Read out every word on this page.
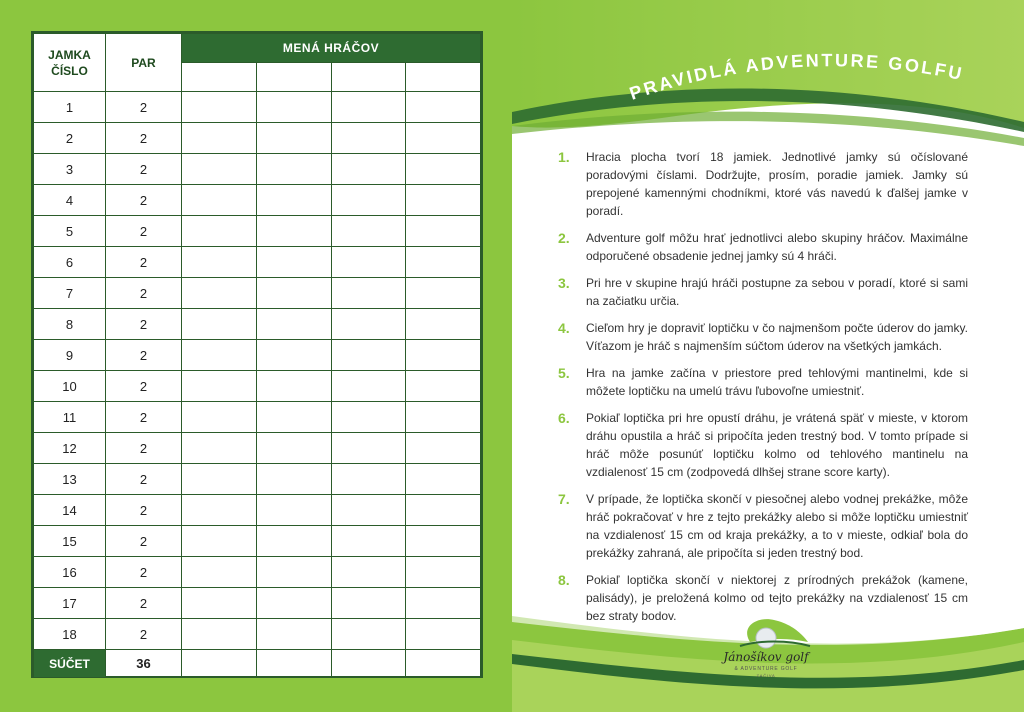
JAMKA
ČÍSLO	PAR	MENÁ HRÁČOV			

1	2				
2	2				
3	2				
4	2				
5	2				
6	2				
7	2				
8	2				
9	2				
10	2				
11	2				
12	2				
13	2				
14	2				
15	2				
16	2				
17	2				
18	2				
SÚČET	36				
PRAVIDLÁ ADVENTURE GOLFU
1.	Hracia plocha tvorí 18 jamiek. Jednotlivé jamky sú očíslované poradovými číslami. Dodržujte, prosím, poradie jamiek. Jamky sú prepojené kamennými chodníkmi, ktoré vás navedú k ďalšej jamke v poradí.
2.	Adventure golf môžu hrať jednotlivci alebo skupiny hráčov. Maximálne odporučené obsadenie jednej jamky sú 4 hráči.
3.	Pri hre v skupine hrajú hráči postupne za sebou v poradí, ktoré si sami na začiatku určia.
4.	Cieľom hry je dopraviť loptičku v čo najmenšom počte úderov do jamky. Víťazom je hráč s najmenším súčtom úderov na všetkých jamkách.
5.	Hra na jamke začína v priestore pred tehlovými mantinelmi, kde si môžete loptičku na umelú trávu ľubovoľne umiestniť.
6.	Pokiaľ loptička pri hre opustí dráhu, je vrátená späť v mieste, v ktorom dráhu opustila a hráč si pripočíta jeden trestný bod. V tomto prípade si hráč môže posunúť loptičku kolmo od tehlového mantinelu na vzdialenosť 15 cm (zodpovedá dlhšej strane score karty).
7.	V prípade, že loptička skončí v piesočnej alebo vodnej prekážke, môže hráč pokračovať v hre z tejto prekážky alebo si môže loptičku umiestniť na vzdialenosť 15 cm od kraja prekážky, a to v mieste, odkiaľ bola do prekážky zahraná, ale pripočíta si jeden trestný bod.
8.	Pokiaľ loptička skončí v niektorej z prírodných prekážok (kamene, palisády), je preložená kolmo od tejto prekážky na vzdialenosť 15 cm bez straty bodov.
Jánošíkov golf
& ADVENTURE GOLF
ZAČIVA
